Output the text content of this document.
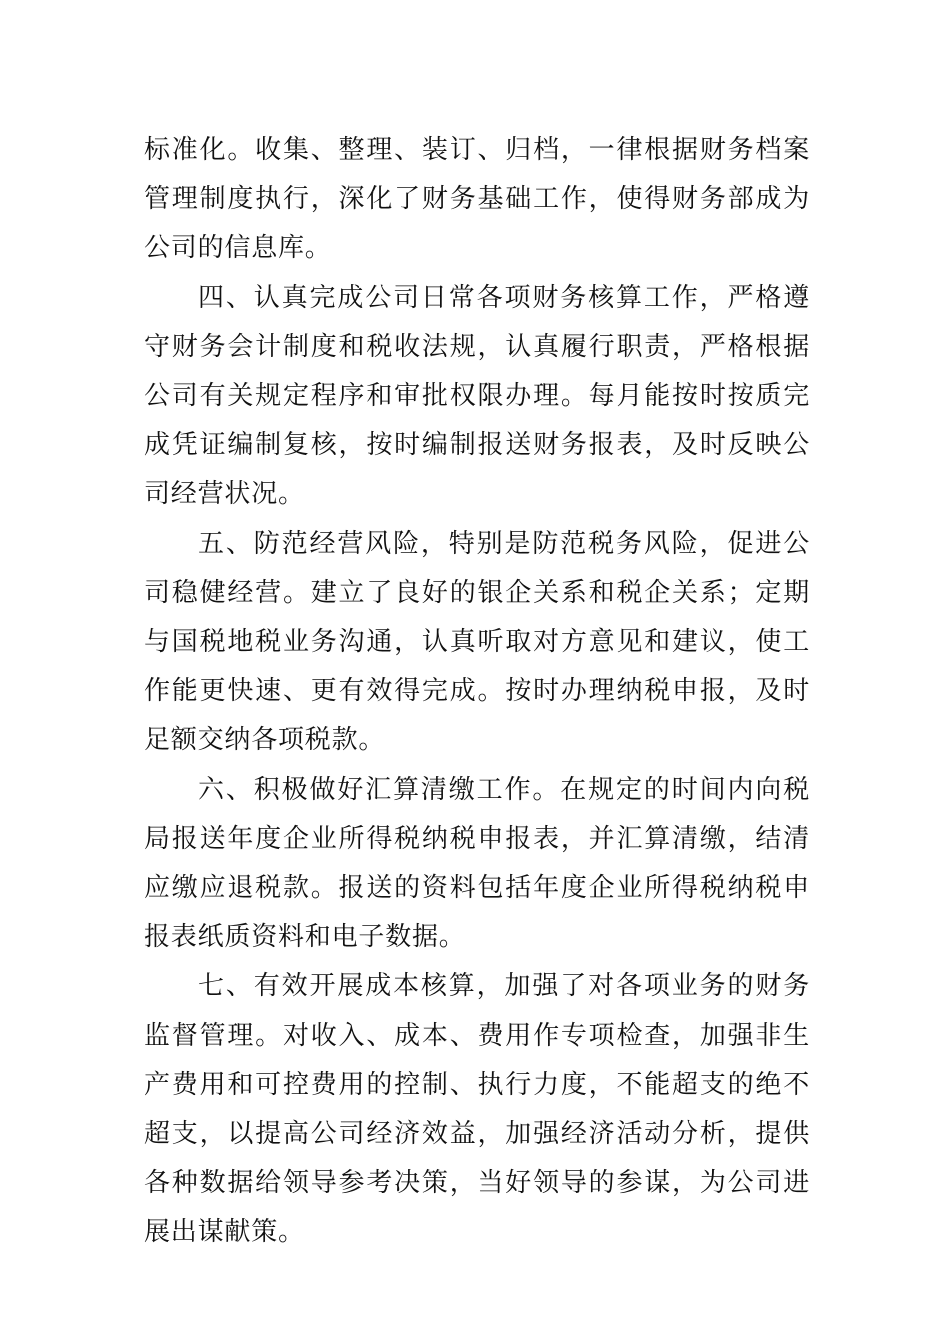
标准化。收集、整理、装订、归档，一律根据财务档案管理制度执行，深化了财务基础工作，使得财务部成为公司的信息库。

四、认真完成公司日常各项财务核算工作，严格遵守财务会计制度和税收法规，认真履行职责，严格根据公司有关规定程序和审批权限办理。每月能按时按质完成凭证编制复核，按时编制报送财务报表，及时反映公司经营状况。

五、防范经营风险，特别是防范税务风险，促进公司稳健经营。建立了良好的银企关系和税企关系；定期与国税地税业务沟通，认真听取对方意见和建议，使工作能更快速、更有效得完成。按时办理纳税申报，及时足额交纳各项税款。

六、积极做好汇算清缴工作。在规定的时间内向税局报送年度企业所得税纳税申报表，并汇算清缴，结清应缴应退税款。报送的资料包括年度企业所得税纳税申报表纸质资料和电子数据。

七、有效开展成本核算，加强了对各项业务的财务监督管理。对收入、成本、费用作专项检查，加强非生产费用和可控费用的控制、执行力度，不能超支的绝不超支，以提高公司经济效益，加强经济活动分析，提供各种数据给领导参考决策，当好领导的参谋，为公司进展出谋献策。
